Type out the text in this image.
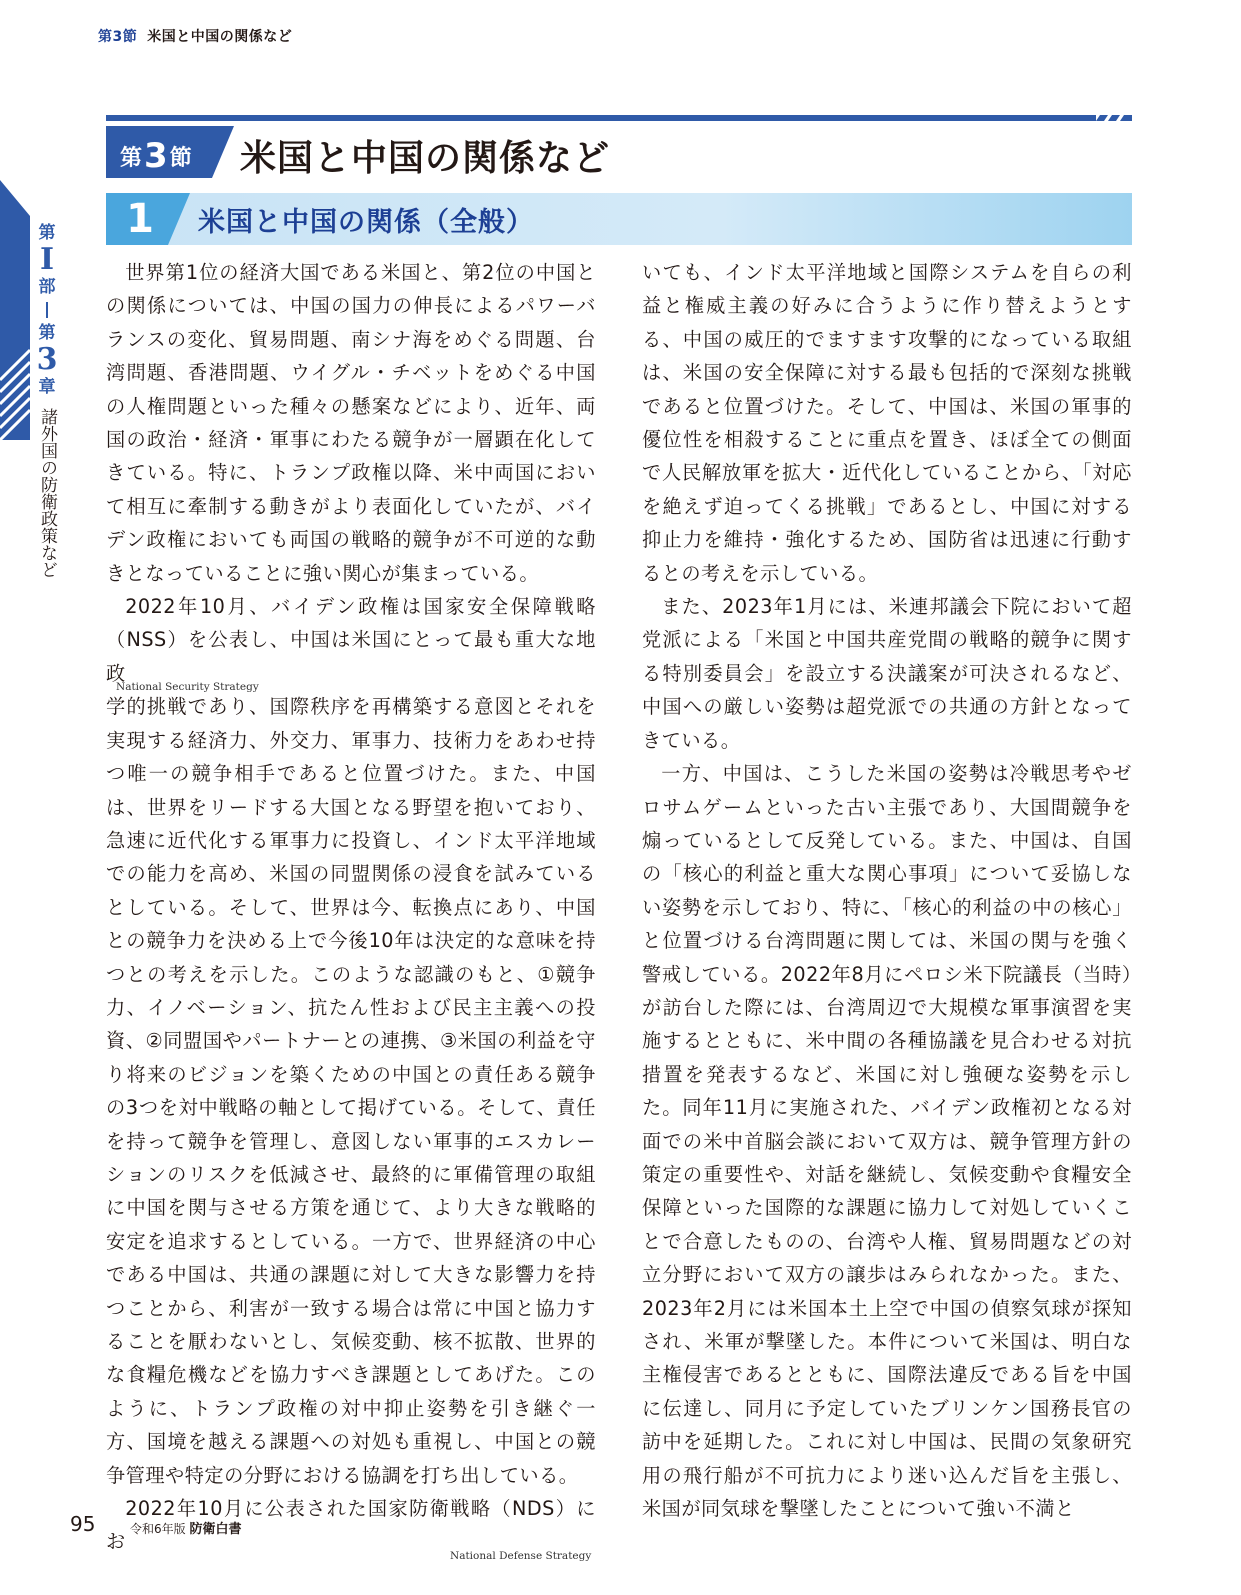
第3節 米国と中国の関係など
第3節 米国と中国の関係など
1 米国と中国の関係（全般）
第
I
部
第
3
章
諸外国の防衛政策など

世界第1位の経済大国である米国と、第2位の中国との関係については、中国の国力の伸長によるパワーバランスの変化、貿易問題、南シナ海をめぐる問題、台湾問題、香港問題、ウイグル・チベットをめぐる中国の人権問題といった種々の懸案などにより、近年、両国の政治・経済・軍事にわたる競争が一層顕在化してきている。特に、トランプ政権以降、米中両国において相互に牽制する動きがより表面化していたが、バイデン政権においても両国の戦略的競争が不可逆的な動きとなっていることに強い関心が集まっている。

2022年10月、バイデン政権は国家安全保障戦略（NSS）を公表し、中国は米国にとって最も重大な地政

National Security Strategy

学的挑戦であり、国際秩序を再構築する意図とそれを実現する経済力、外交力、軍事力、技術力をあわせ持つ唯一の競争相手であると位置づけた。また、中国は、世界をリードする大国となる野望を抱いており、急速に近代化する軍事力に投資し、インド太平洋地域での能力を高め、米国の同盟関係の浸食を試みているとしている。そして、世界は今、転換点にあり、中国との競争力を決める上で今後10年は決定的な意味を持つとの考えを示した。このような認識のもと、①競争力、イノベーション、抗たん性および民主主義への投資、②同盟国やパートナーとの連携、③米国の利益を守り将来のビジョンを築くための中国との責任ある競争の3つを対中戦略の軸として掲げている。そして、責任を持って競争を管理し、意図しない軍事的エスカレーションのリスクを低減させ、最終的に軍備管理の取組に中国を関与させる方策を通じて、より大きな戦略的安定を追求するとしている。一方で、世界経済の中心である中国は、共通の課題に対して大きな影響力を持つことから、利害が一致する場合は常に中国と協力することを厭わないとし、気候変動、核不拡散、世界的な食糧危機などを協力すべき課題としてあげた。このように、トランプ政権の対中抑止姿勢を引き継ぐ一方、国境を越える課題への対処も重視し、中国との競争管理や特定の分野における協調を打ち出している。

2022年10月に公表された国家防衛戦略（NDS）にお

National Defense Strategy

いても、インド太平洋地域と国際システムを自らの利益と権威主義の好みに合うように作り替えようとする、中国の威圧的でますます攻撃的になっている取組は、米国の安全保障に対する最も包括的で深刻な挑戦であると位置づけた。そして、中国は、米国の軍事的優位性を相殺することに重点を置き、ほぼ全ての側面で人民解放軍を拡大・近代化していることから、「対応を絶えず迫ってくる挑戦」であるとし、中国に対する抑止力を維持・強化するため、国防省は迅速に行動するとの考えを示している。

また、2023年1月には、米連邦議会下院において超党派による「米国と中国共産党間の戦略的競争に関する特別委員会」を設立する決議案が可決されるなど、中国への厳しい姿勢は超党派での共通の方針となってきている。

一方、中国は、こうした米国の姿勢は冷戦思考やゼロサムゲームといった古い主張であり、大国間競争を煽っているとして反発している。また、中国は、自国の「核心的利益と重大な関心事項」について妥協しない姿勢を示しており、特に、「核心的利益の中の核心」と位置づける台湾問題に関しては、米国の関与を強く警戒している。2022年8月にペロシ米下院議長（当時）が訪台した際には、台湾周辺で大規模な軍事演習を実施するとともに、米中間の各種協議を見合わせる対抗措置を発表するなど、米国に対し強硬な姿勢を示した。同年11月に実施された、バイデン政権初となる対面での米中首脳会談において双方は、競争管理方針の策定の重要性や、対話を継続し、気候変動や食糧安全保障といった国際的な課題に協力して対処していくことで合意したものの、台湾や人権、貿易問題などの対立分野において双方の譲歩はみられなかった。また、2023年2月には米国本土上空で中国の偵察気球が探知され、米軍が撃墜した。本件について米国は、明白な主権侵害であるとともに、国際法違反である旨を中国に伝達し、同月に予定していたブリンケン国務長官の訪中を延期した。これに対し中国は、民間の気象研究用の飛行船が不可抗力により迷い込んだ旨を主張し、米国が同気球を撃墜したことについて強い不満と

95	令和6年版 防衛白書
